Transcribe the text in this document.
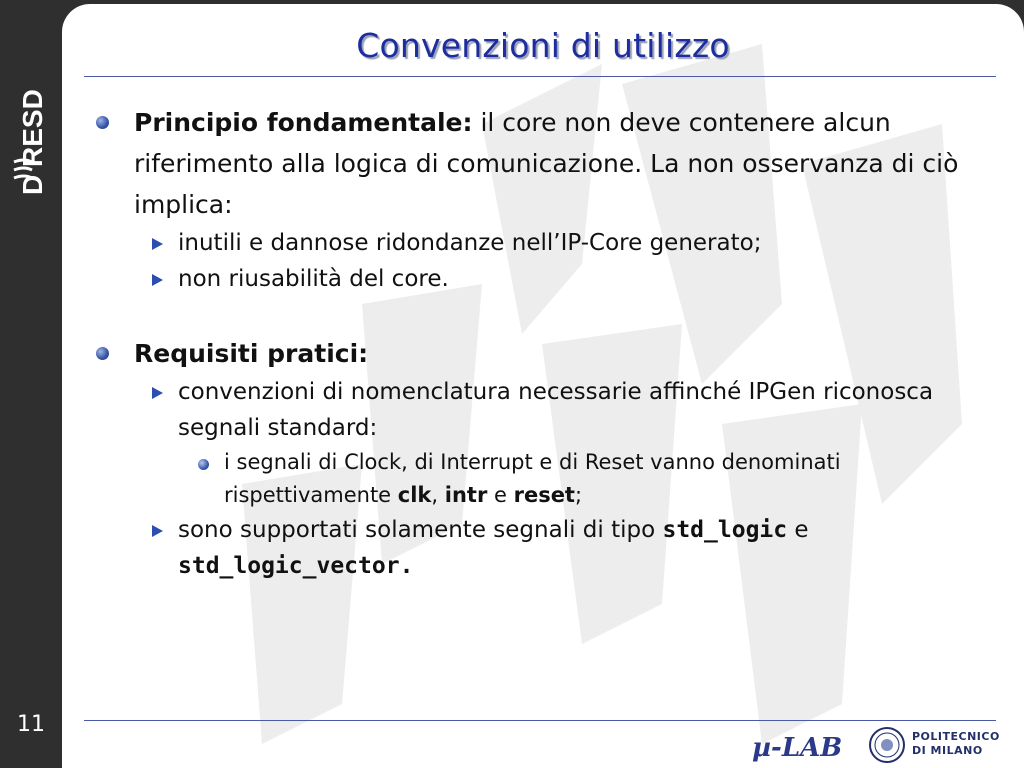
D RESD
11
Convenzioni di utilizzo
Principio fondamentale: il core non deve contenere alcun riferimento alla logica di comunicazione. La non osservanza di ciò implica:
inutili e dannose ridondanze nell’IP-Core generato;
non riusabilità del core.
Requisiti pratici:
convenzioni di nomenclatura necessarie affinché IPGen riconosca segnali standard:
i segnali di Clock, di Interrupt e di Reset vanno denominati rispettivamente clk, intr e reset;
sono supportati solamente segnali di tipo std_logic e std_logic_vector.
µ-LAB	POLITECNICO
DI MILANO
